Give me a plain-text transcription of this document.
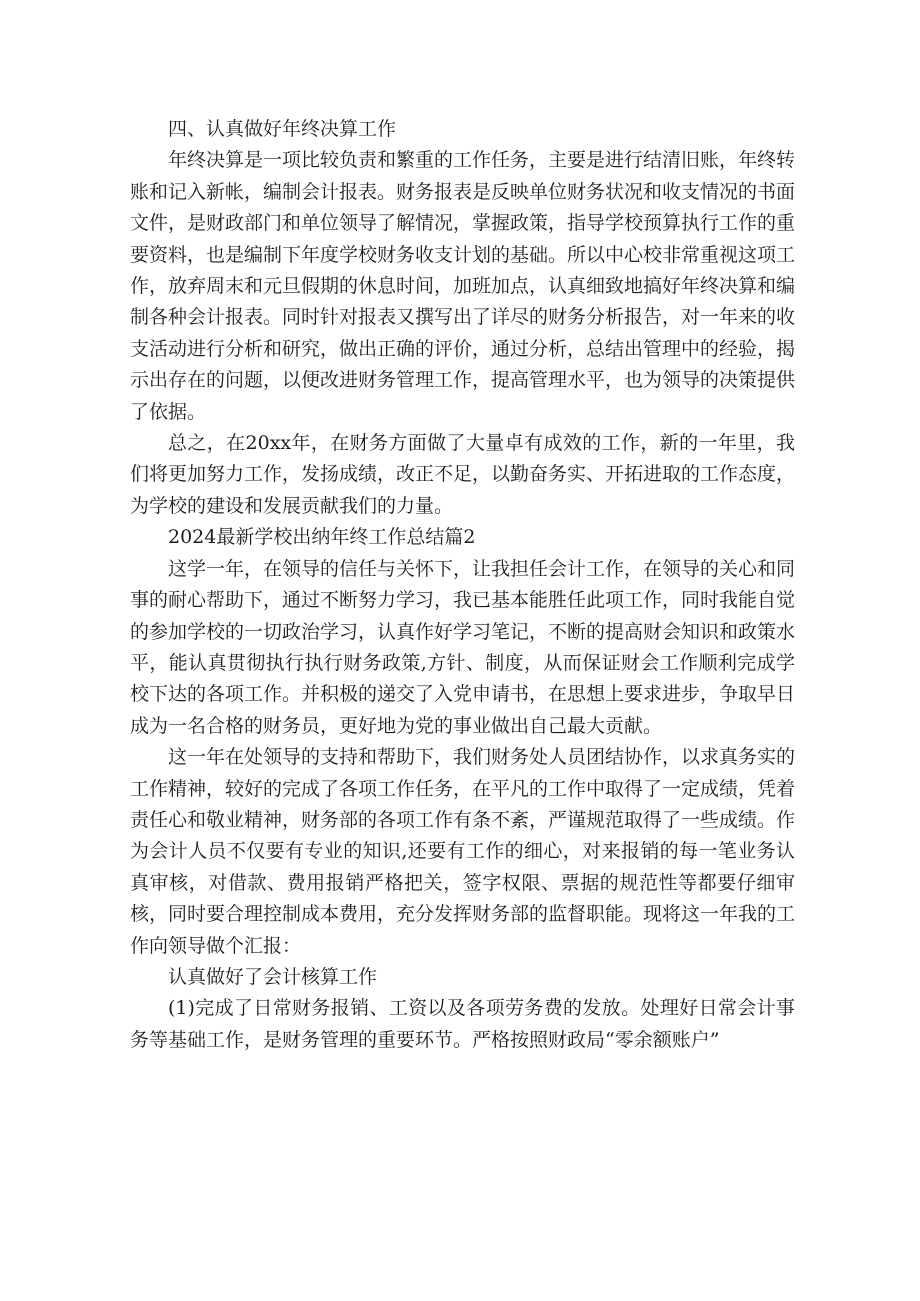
四、认真做好年终决算工作

年终决算是一项比较负责和繁重的工作任务，主要是进行结清旧账，年终转账和记入新帐，编制会计报表。财务报表是反映单位财务状况和收支情况的书面文件，是财政部门和单位领导了解情况，掌握政策，指导学校预算执行工作的重要资料，也是编制下年度学校财务收支计划的基础。所以中心校非常重视这项工作，放弃周末和元旦假期的休息时间，加班加点，认真细致地搞好年终决算和编制各种会计报表。同时针对报表又撰写出了详尽的财务分析报告，对一年来的收支活动进行分析和研究，做出正确的评价，通过分析，总结出管理中的经验，揭示出存在的问题，以便改进财务管理工作，提高管理水平，也为领导的决策提供了依据。

总之，在20xx年，在财务方面做了大量卓有成效的工作，新的一年里，我们将更加努力工作，发扬成绩，改正不足，以勤奋务实、开拓进取的工作态度，为学校的建设和发展贡献我们的力量。

2024最新学校出纳年终工作总结篇2

这学一年，在领导的信任与关怀下，让我担任会计工作，在领导的关心和同事的耐心帮助下，通过不断努力学习，我已基本能胜任此项工作，同时我能自觉的参加学校的一切政治学习，认真作好学习笔记，不断的提高财会知识和政策水平，能认真贯彻执行执行财务政策,方针、制度，从而保证财会工作顺利完成学校下达的各项工作。并积极的递交了入党申请书，在思想上要求进步，争取早日成为一名合格的财务员，更好地为党的事业做出自己最大贡献。

这一年在处领导的支持和帮助下，我们财务处人员团结协作，以求真务实的工作精神，较好的完成了各项工作任务，在平凡的工作中取得了一定成绩，凭着责任心和敬业精神，财务部的各项工作有条不紊，严谨规范取得了一些成绩。作为会计人员不仅要有专业的知识,还要有工作的细心，对来报销的每一笔业务认真审核，对借款、费用报销严格把关，签字权限、票据的规范性等都要仔细审核，同时要合理控制成本费用，充分发挥财务部的监督职能。现将这一年我的工作向领导做个汇报：

认真做好了会计核算工作

(1)完成了日常财务报销、工资以及各项劳务费的发放。处理好日常会计事务等基础工作，是财务管理的重要环节。严格按照财政局“零余额账户”
